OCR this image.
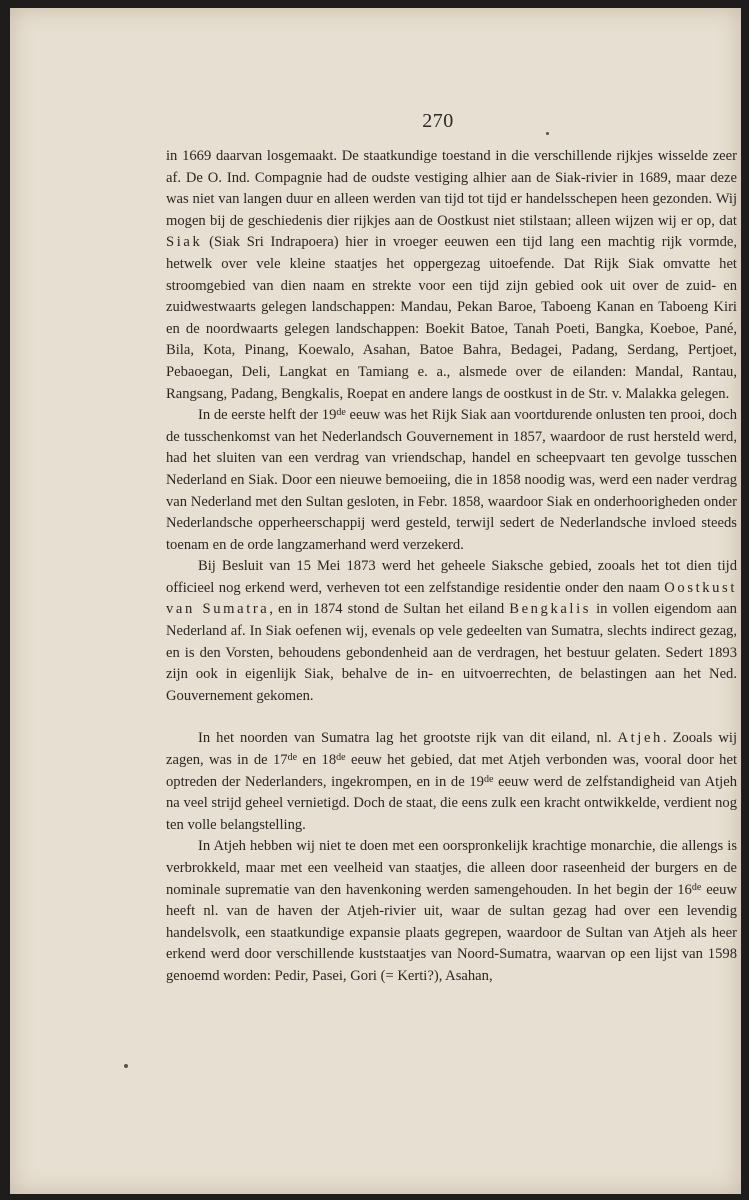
270

in 1669 daarvan losgemaakt. De staatkundige toestand in die verschillende rijkjes wisselde zeer af. De O. Ind. Compagnie had de oudste vestiging alhier aan de Siak-rivier in 1689, maar deze was niet van langen duur en alleen werden van tijd tot tijd er handelsschepen heen gezonden. Wij mogen bij de geschiedenis dier rijkjes aan de Oostkust niet stilstaan; alleen wijzen wij er op, dat Siak (Siak Sri Indrapoera) hier in vroeger eeuwen een tijd lang een machtig rijk vormde, hetwelk over vele kleine staatjes het oppergezag uitoefende. Dat Rijk Siak omvatte het stroomgebied van dien naam en strekte voor een tijd zijn gebied ook uit over de zuid- en zuidwestwaarts gelegen landschappen: Mandau, Pekan Baroe, Taboeng Kanan en Taboeng Kiri en de noordwaarts gelegen landschappen: Boekit Batoe, Tanah Poeti, Bangka, Koeboe, Pané, Bila, Kota, Pinang, Koewalo, Asahan, Batoe Bahra, Bedagei, Padang, Serdang, Pertjoet, Pebaoegan, Deli, Langkat en Tamiang e. a., alsmede over de eilanden: Mandal, Rantau, Rangsang, Padang, Bengkalis, Roepat en andere langs de oostkust in de Str. v. Malakka gelegen.

In de eerste helft der 19de eeuw was het Rijk Siak aan voortdurende onlusten ten prooi, doch de tusschenkomst van het Nederlandsch Gouvernement in 1857, waardoor de rust hersteld werd, had het sluiten van een verdrag van vriendschap, handel en scheepvaart ten gevolge tusschen Nederland en Siak. Door een nieuwe bemoeiing, die in 1858 noodig was, werd een nader verdrag van Nederland met den Sultan gesloten, in Febr. 1858, waardoor Siak en onderhoorigheden onder Nederlandsche opperheerschappij werd gesteld, terwijl sedert de Nederlandsche invloed steeds toenam en de orde langzamerhand werd verzekerd.

Bij Besluit van 15 Mei 1873 werd het geheele Siaksche gebied, zooals het tot dien tijd officieel nog erkend werd, verheven tot een zelfstandige residentie onder den naam Oostkust van Sumatra, en in 1874 stond de Sultan het eiland Bengkalis in vollen eigendom aan Nederland af. In Siak oefenen wij, evenals op vele gedeelten van Sumatra, slechts indirect gezag, en is den Vorsten, behoudens gebondenheid aan de verdragen, het bestuur gelaten. Sedert 1893 zijn ook in eigenlijk Siak, behalve de in- en uitvoerrechten, de belastingen aan het Ned. Gouvernement gekomen.

In het noorden van Sumatra lag het grootste rijk van dit eiland, nl. Atjeh. Zooals wij zagen, was in de 17de en 18de eeuw het gebied, dat met Atjeh verbonden was, vooral door het optreden der Nederlanders, ingekrompen, en in de 19de eeuw werd de zelfstandigheid van Atjeh na veel strijd geheel vernietigd. Doch de staat, die eens zulk een kracht ontwikkelde, verdient nog ten volle belangstelling.

In Atjeh hebben wij niet te doen met een oorspronkelijk krachtige monarchie, die allengs is verbrokkeld, maar met een veelheid van staatjes, die alleen door raseenheid der burgers en de nominale suprematie van den havenkoning werden samengehouden. In het begin der 16de eeuw heeft nl. van de haven der Atjeh-rivier uit, waar de sultan gezag had over een levendig handelsvolk, een staatkundige expansie plaats gegrepen, waardoor de Sultan van Atjeh als heer erkend werd door verschillende kuststaatjes van Noord-Sumatra, waarvan op een lijst van 1598 genoemd worden: Pedir, Pasei, Gori (= Kerti?), Asahan,
